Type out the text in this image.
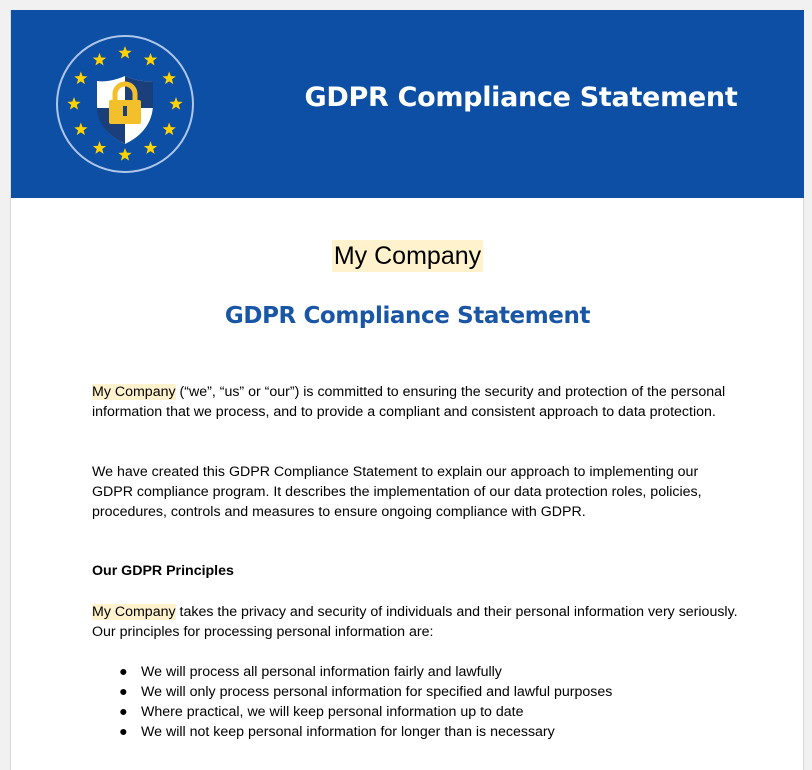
GDPR Compliance Statement
My Company
GDPR Compliance Statement

My Company (“we”, “us” or “our”) is committed to ensuring the security and protection of the personal information that we process, and to provide a compliant and consistent approach to data protection.

We have created this GDPR Compliance Statement to explain our approach to implementing our GDPR compliance program. It describes the implementation of our data protection roles, policies, procedures, controls and measures to ensure ongoing compliance with GDPR.

Our GDPR Principles

My Company takes the privacy and security of individuals and their personal information very seriously. Our principles for processing personal information are:

● We will process all personal information fairly and lawfully
● We will only process personal information for specified and lawful purposes
● Where practical, we will keep personal information up to date
● We will not keep personal information for longer than is necessary
